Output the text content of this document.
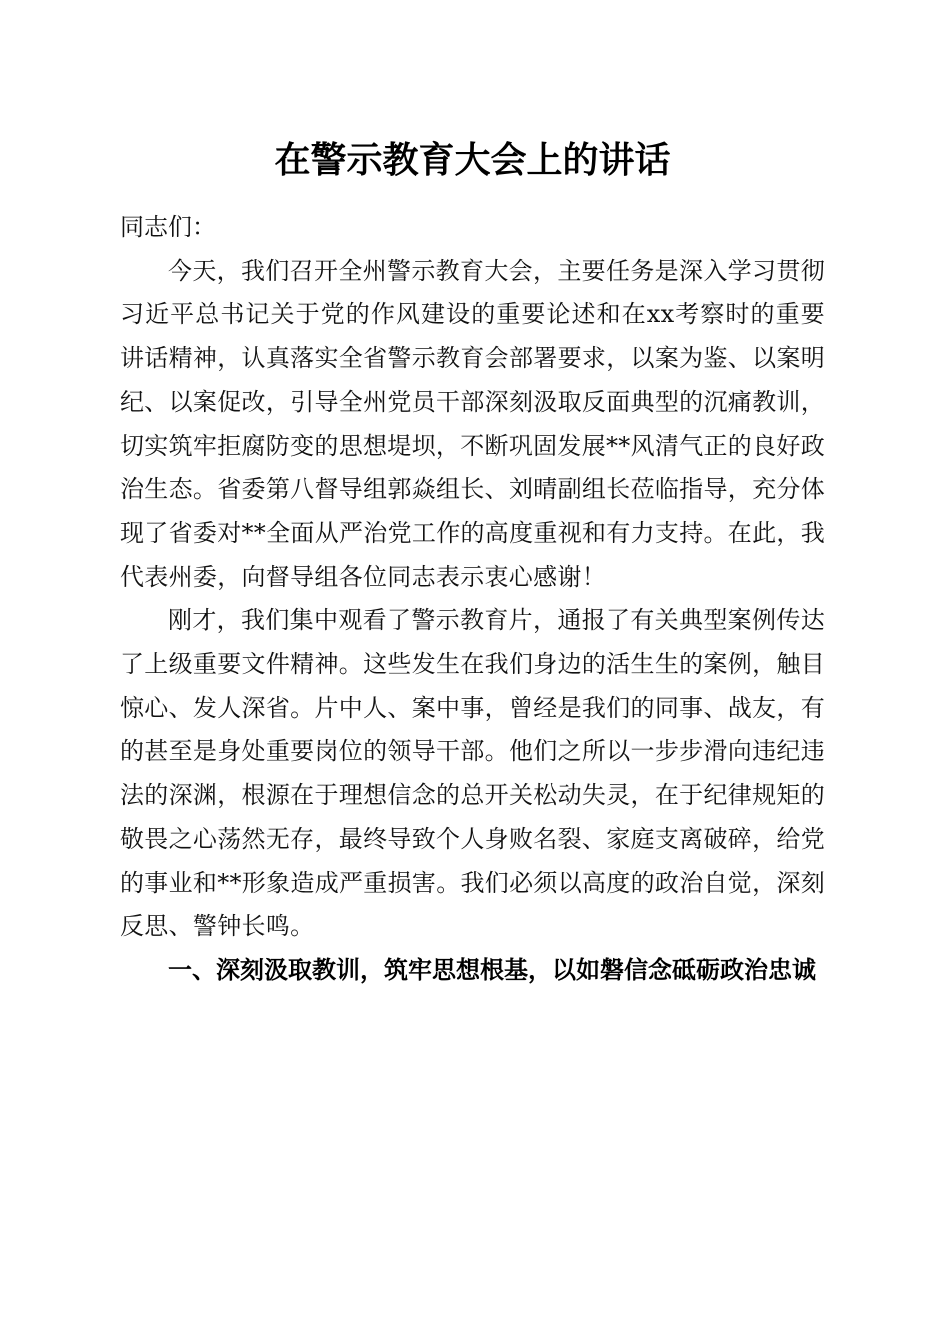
在警示教育大会上的讲话

同志们：

今天，我们召开全州警示教育大会，主要任务是深入学习贯彻习近平总书记关于党的作风建设的重要论述和在xx考察时的重要讲话精神，认真落实全省警示教育会部署要求，以案为鉴、以案明纪、以案促改，引导全州党员干部深刻汲取反面典型的沉痛教训，切实筑牢拒腐防变的思想堤坝，不断巩固发展**风清气正的良好政治生态。省委第八督导组郭焱组长、刘晴副组长莅临指导，充分体现了省委对**全面从严治党工作的高度重视和有力支持。在此，我代表州委，向督导组各位同志表示衷心感谢！

刚才，我们集中观看了警示教育片，通报了有关典型案例传达了上级重要文件精神。这些发生在我们身边的活生生的案例，触目惊心、发人深省。片中人、案中事，曾经是我们的同事、战友，有的甚至是身处重要岗位的领导干部。他们之所以一步步滑向违纪违法的深渊，根源在于理想信念的总开关松动失灵，在于纪律规矩的敬畏之心荡然无存，最终导致个人身败名裂、家庭支离破碎，给党的事业和**形象造成严重损害。我们必须以高度的政治自觉，深刻反思、警钟长鸣。

一、深刻汲取教训，筑牢思想根基，以如磐信念砥砺政治忠诚
